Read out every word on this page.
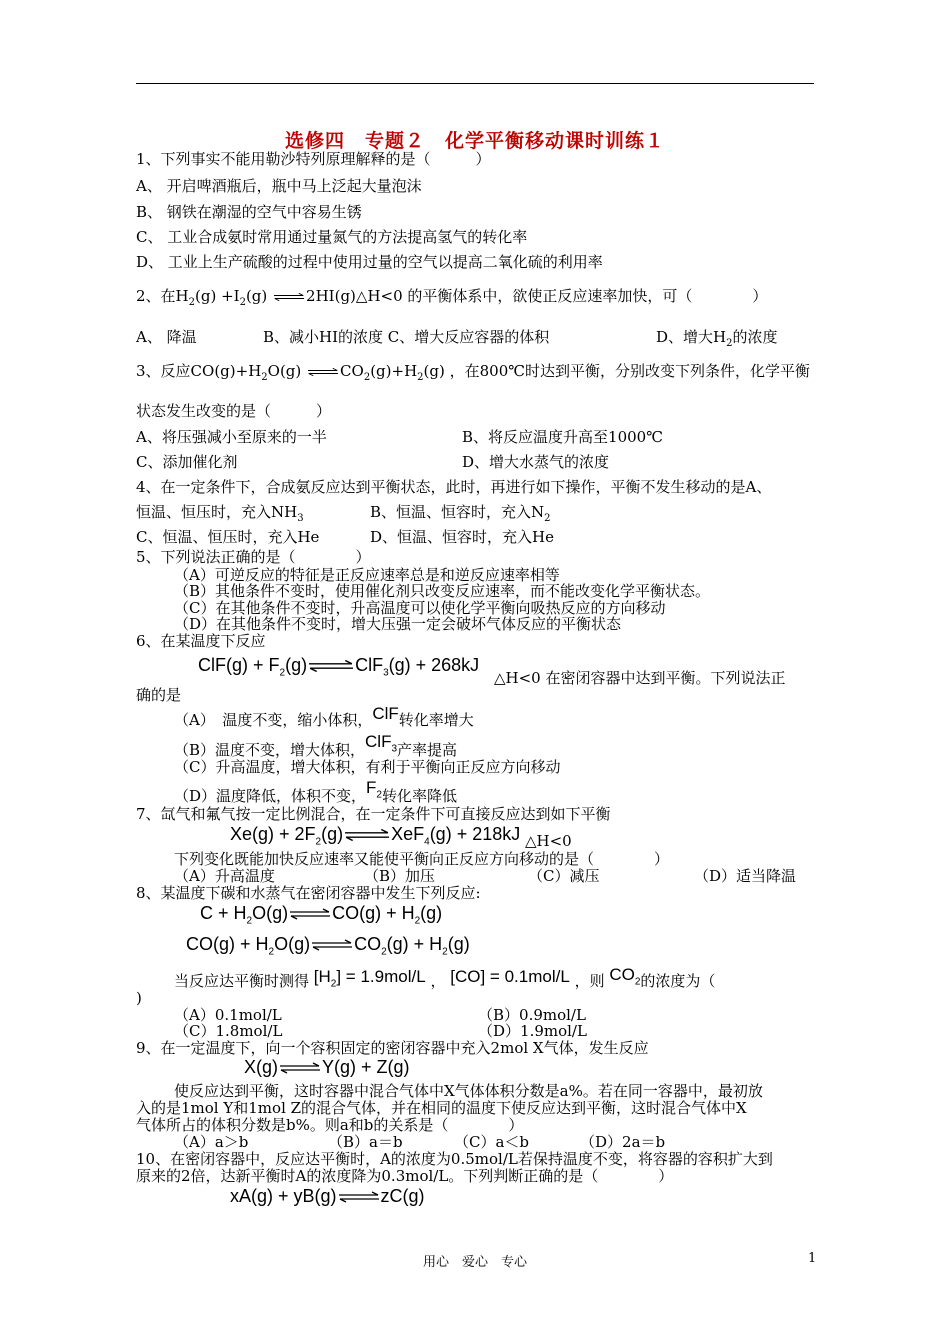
选修四　专题２　化学平衡移动课时训练１
1、下列事实不能用勒沙特列原理解释的是（　　　）
A、 开启啤酒瓶后，瓶中马上泛起大量泡沫
B、 钢铁在潮湿的空气中容易生锈
C、 工业合成氨时常用通过量氮气的方法提高氢气的转化率
D、 工业上生产硫酸的过程中使用过量的空气以提高二氧化硫的利用率
2、在$H_2(g) +I_2(g)$	2HI(g)△H<0 的平衡体系中，欲使正反应速率加快，可（　　　　）
A、 降温	B、减小HI的浓度 C、增大反应容器的体积	D、增大$H_2$的浓度
3、反应$CO(g)+H_2O(g)$	$CO_2(g)+H_2(g)$ ，在800℃时达到平衡，分别改变下列条件，化学平衡
状态发生改变的是（　　　）
A、将压强减小至原来的一半	B、将反应温度升高至1000℃
C、添加催化剂	D、增大水蒸气的浓度
4、在一定条件下，合成氨反应达到平衡状态，此时，再进行如下操作，平衡不发生移动的是A、
恒温、恒压时，充入$NH_3$	B、恒温、恒容时，充入$N_2$
C、恒温、恒压时，充入He	D、恒温、恒容时，充入He
5、下列说法正确的是（　　　　）
（A）可逆反应的特征是正反应速率总是和逆反应速率相等
（B）其他条件不变时，使用催化剂只改变反应速率，而不能改变化学平衡状态。
（C）在其他条件不变时，升高温度可以使化学平衡向吸热反应的方向移动
（D）在其他条件不变时，增大压强一定会破坏气体反应的平衡状态
6、在某温度下反应
$ClF(g) + F_2(g)$	ClF$_3$(g) + 268kJ
△H<0 在密闭容器中达到平衡。下列说法正
确的是
（A）　温度不变，缩小体积，ClF转化率增大
（B）温度不变，增大体积，ClF$_3$产率提高
（C）升高温度，增大体积，有利于平衡向正反应方向移动
（D）温度降低，体积不变，$F_2$转化率降低
7、氙气和氟气按一定比例混合，在一定条件下可直接反应达到如下平衡
$Xe(g) + 2F_2(g)$	XeF$_4$(g) + 218kJ △H<0
下列变化既能加快反应速率又能使平衡向正反应方向移动的是（　　　　）
（A）升高温度	（B）加压	（C）减压	（D）适当降温
8、某温度下碳和水蒸气在密闭容器中发生下列反应:
$C + H_2O(g) CO(g) + H_2(g)$
$CO(g) + H_2O(g) CO_2(g) + H_2(g)$
当反应达平衡时测得 $[H_2] = 1.9mol/L$ ， [CO] = 0.1mol/L ，则 $CO_2$的浓度为（
)
（A）0.1mol/L	（B）0.9mol/L
（C）1.8mol/L	（D）1.9mol/L
9、在一定温度下，向一个容积固定的密闭容器中充入2mol X气体，发生反应
X(g) Y(g) + Z(g)
使反应达到平衡，这时容器中混合气体中X气体体积分数是a%。若在同一容器中，最初放
入的是1mol Y和1mol Z的混合气体，并在相同的温度下使反应达到平衡，这时混合气体中X
气体所占的体积分数是b%。则a和b的关系是（　　　　）
（A）a＞b	（B）a＝b	（C）a＜b	（D）2a＝b
10、在密闭容器中，反应达平衡时，A的浓度为0.5mol/L若保持温度不变，将容器的容积扩大到
原来的2倍，达新平衡时A的浓度降为0.3mol/L。下列判断正确的是（　　　　）
xA(g) + yB(g) zC(g)
用心　爱心　专心	1
